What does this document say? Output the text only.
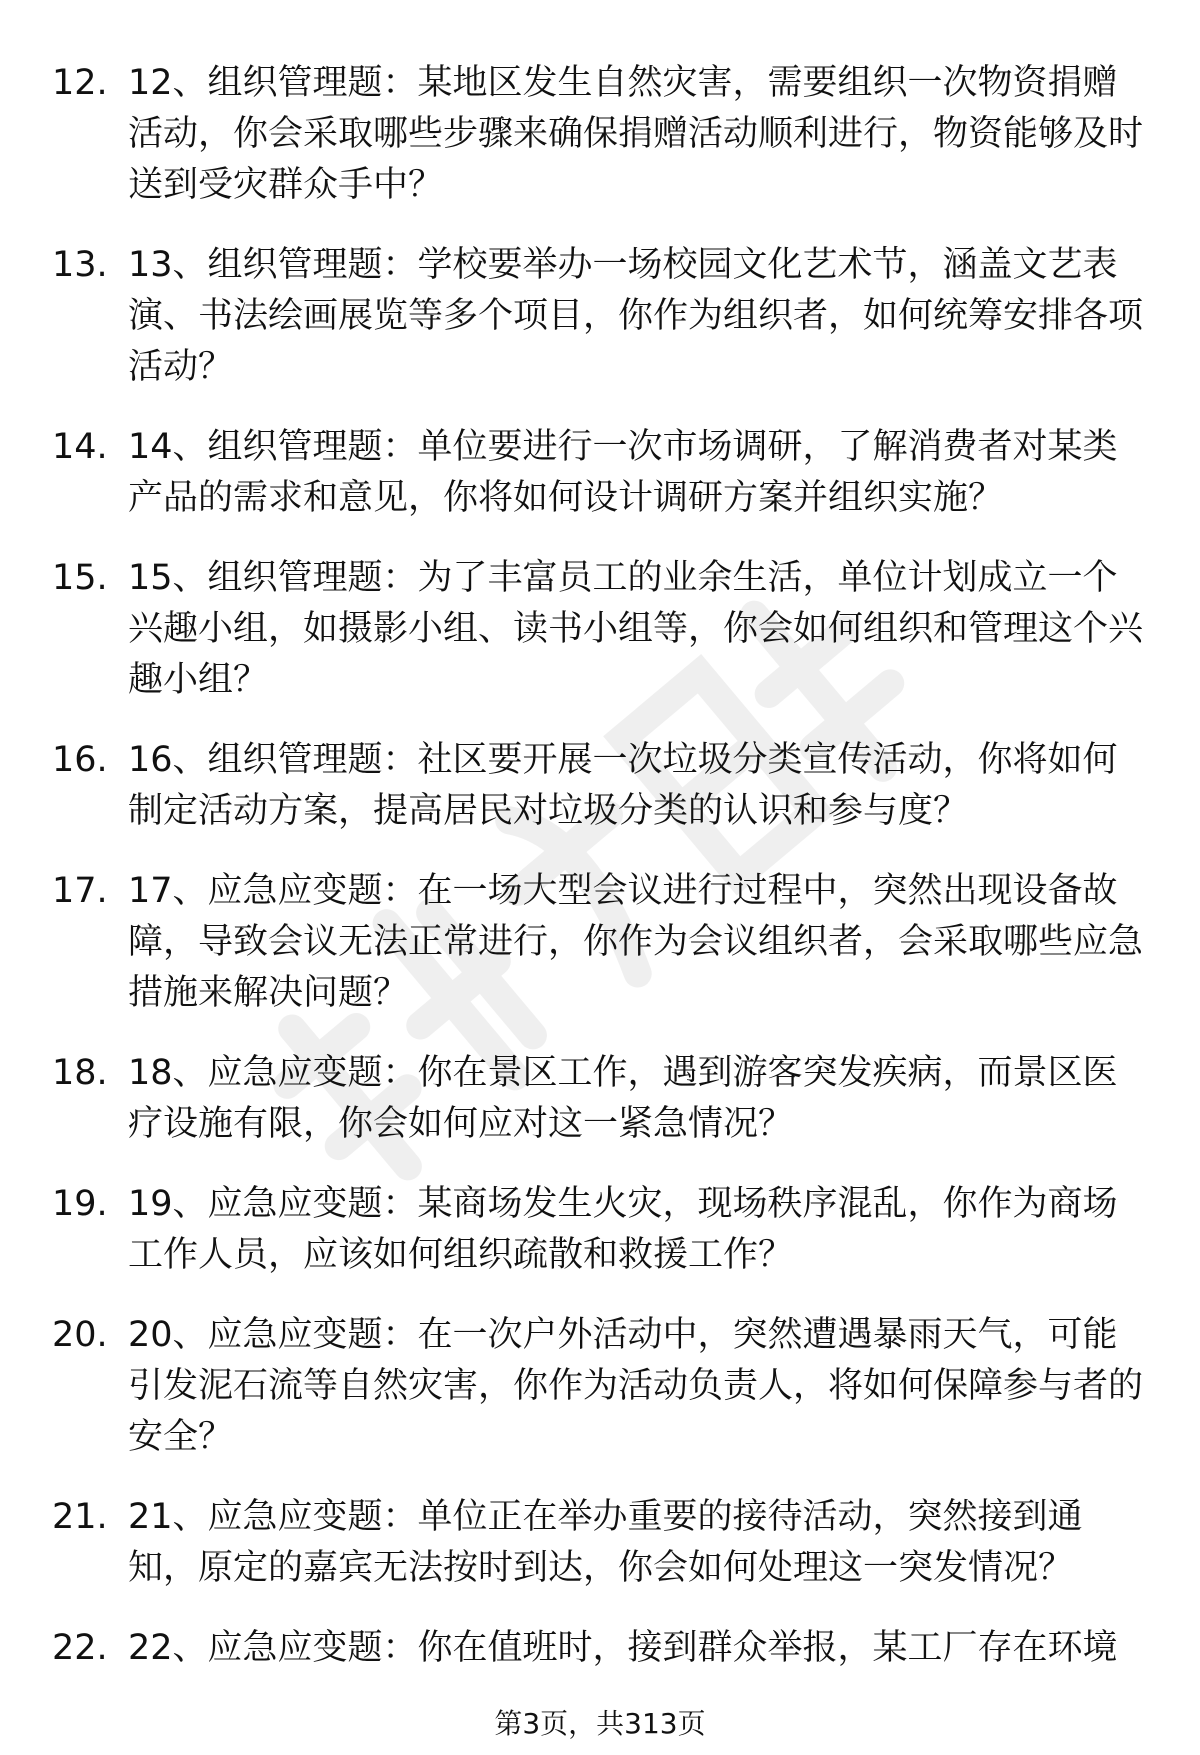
12. 12、组织管理题：某地区发生自然灾害，需要组织一次物资捐赠活动，你会采取哪些步骤来确保捐赠活动顺利进行，物资能够及时送到受灾群众手中？
13. 13、组织管理题：学校要举办一场校园文化艺术节，涵盖文艺表演、书法绘画展览等多个项目，你作为组织者，如何统筹安排各项活动？
14. 14、组织管理题：单位要进行一次市场调研，了解消费者对某类产品的需求和意见，你将如何设计调研方案并组织实施？
15. 15、组织管理题：为了丰富员工的业余生活，单位计划成立一个兴趣小组，如摄影小组、读书小组等，你会如何组织和管理这个兴趣小组？
16. 16、组织管理题：社区要开展一次垃圾分类宣传活动，你将如何制定活动方案，提高居民对垃圾分类的认识和参与度？
17. 17、应急应变题：在一场大型会议进行过程中，突然出现设备故障，导致会议无法正常进行，你作为会议组织者，会采取哪些应急措施来解决问题？
18. 18、应急应变题：你在景区工作，遇到游客突发疾病，而景区医疗设施有限，你会如何应对这一紧急情况？
19. 19、应急应变题：某商场发生火灾，现场秩序混乱，你作为商场工作人员，应该如何组织疏散和救援工作？
20. 20、应急应变题：在一次户外活动中，突然遭遇暴雨天气，可能引发泥石流等自然灾害，你作为活动负责人，将如何保障参与者的安全？
21. 21、应急应变题：单位正在举办重要的接待活动，突然接到通知，原定的嘉宾无法按时到达，你会如何处理这一突发情况？
22. 22、应急应变题：你在值班时，接到群众举报，某工厂存在环境
第3页，共313页
